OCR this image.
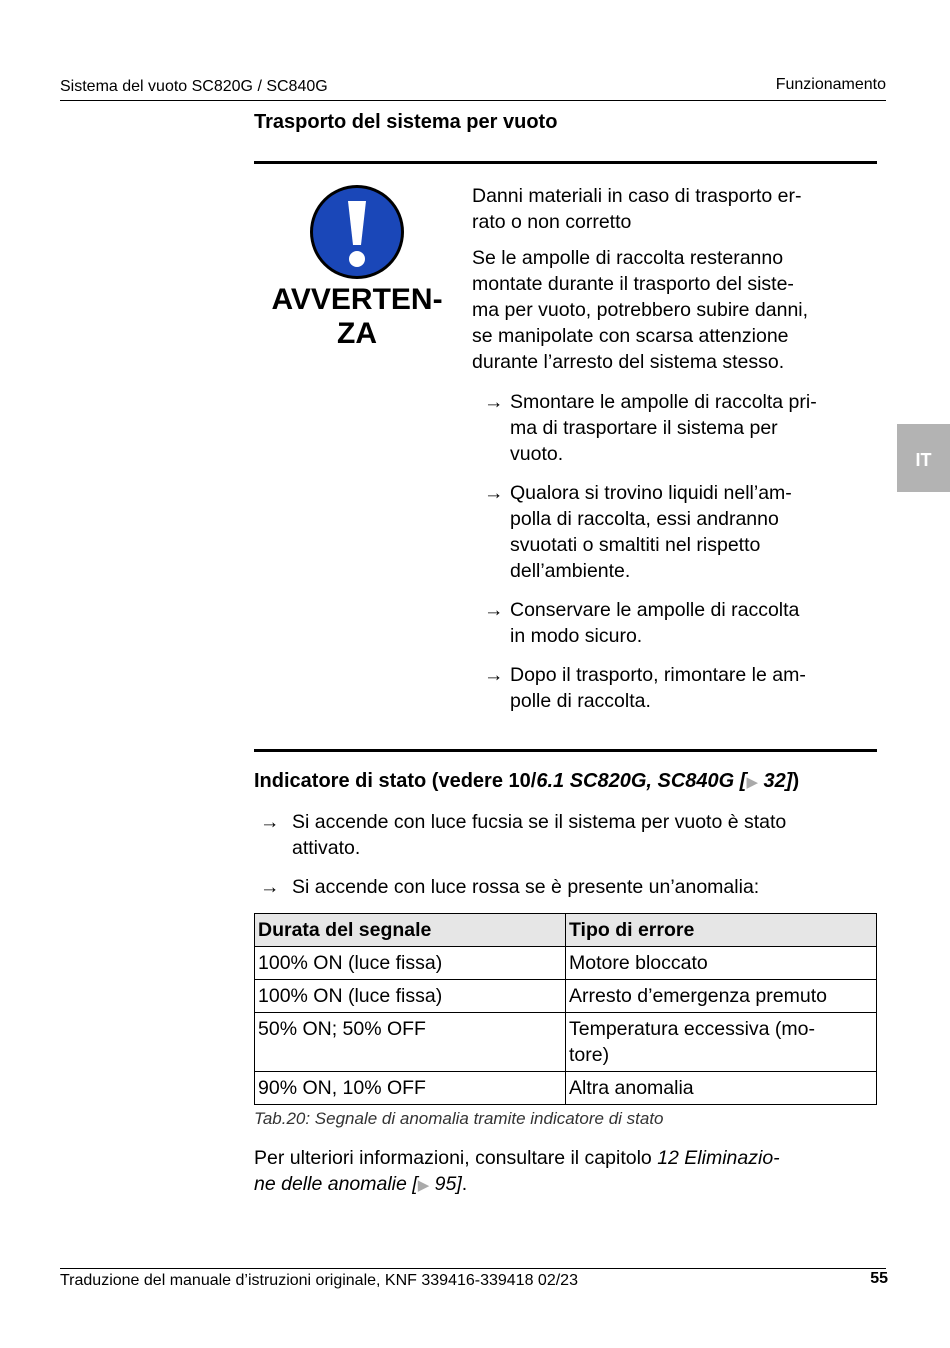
Sistema del vuoto SC820G / SC840G	Funzionamento
IT
Trasporto del sistema per vuoto
AVVERTEN-
ZA

Danni materiali in caso di trasporto er-
rato o non corretto

Se le ampolle di raccolta resteranno
montate durante il trasporto del siste-
ma per vuoto, potrebbero subire danni,
se manipolate con scarsa attenzione
durante l’arresto del sistema stesso.

→ Smontare le ampolle di raccolta pri-
ma di trasportare il sistema per
vuoto.
→ Qualora si trovino liquidi nell’am-
polla di raccolta, essi andranno
svuotati o smaltiti nel rispetto
dell’ambiente.
→ Conservare le ampolle di raccolta
in modo sicuro.
→ Dopo il trasporto, rimontare le am-
polle di raccolta.
Indicatore di stato (vedere 10/6.1 SC820G, SC840G [▶ 32])
→ Si accende con luce fucsia se il sistema per vuoto è stato
attivato.
→ Si accende con luce rossa se è presente un’anomalia:
Durata del segnale	Tipo di errore
100% ON (luce fissa)	Motore bloccato
100% ON (luce fissa)	Arresto d’emergenza premuto
50% ON; 50% OFF	Temperatura eccessiva (mo-
tore)
90% ON, 10% OFF	Altra anomalia
Tab.20: Segnale di anomalia tramite indicatore di stato
Per ulteriori informazioni, consultare il capitolo 12 Eliminazio-
ne delle anomalie [▶ 95].
Traduzione del manuale d’istruzioni originale, KNF 339416-339418 02/23	55
